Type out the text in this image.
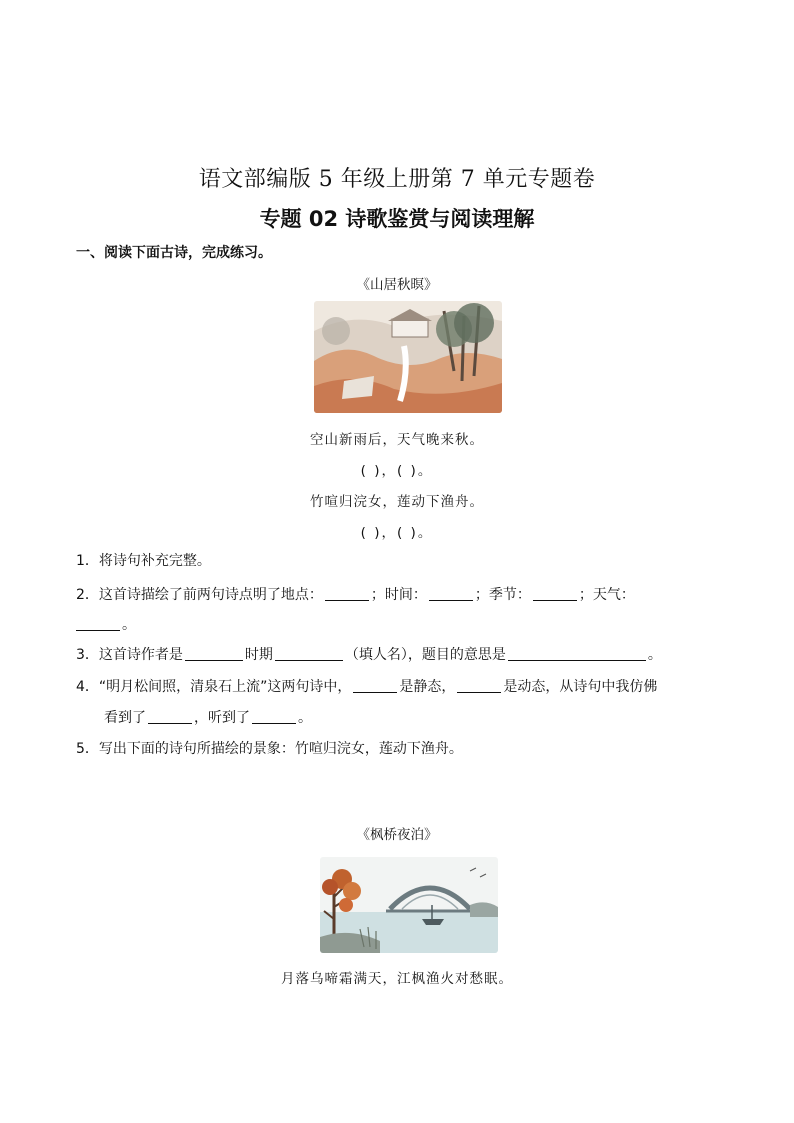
语文部编版 5 年级上册第 7 单元专题卷
专题 02 诗歌鉴赏与阅读理解
一、阅读下面古诗，完成练习。
《山居秋暝》
空山新雨后，天气晚来秋。
( )，( )。
竹喧归浣女，莲动下渔舟。
( )，( )。
1．将诗句补充完整。
2．这首诗描绘了前两句诗点明了地点：	；时间：	；季节：	；天气：
。
3．这首诗作者是	时期	（填人名），题目的意思是	。
4．“明月松间照，清泉石上流”这两句诗中，	是静态，	是动态，从诗句中我仿佛
看到了	，听到了	。
5．写出下面的诗句所描绘的景象：竹喧归浣女，莲动下渔舟。
《枫桥夜泊》
月落乌啼霜满天，江枫渔火对愁眠。
